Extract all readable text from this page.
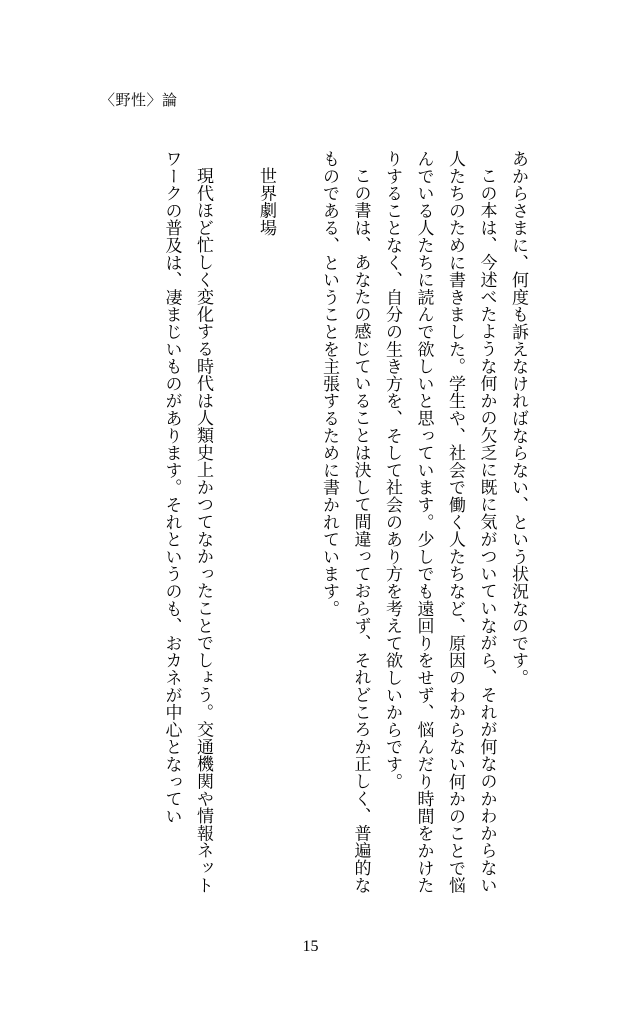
〈野性〉論

あからさまに、何度も訴えなければならない、という状況なのです。

この本は、今述べたような何かの欠乏に既に気がついていながら、それが何なのかわからない人たちのために書きました。学生や、社会で働く人たちなど、原因のわからない何かのことで悩んでいる人たちに読んで欲しいと思っています。少しでも遠回りをせず、悩んだり時間をかけたりすることなく、自分の生き方を、そして社会のあり方を考えて欲しいからです。

この書は、あなたの感じていることは決して間違っておらず、それどころか正しく、普遍的なものである、ということを主張するために書かれています。

世界劇場

現代ほど忙しく変化する時代は人類史上かつてなかったことでしょう。交通機関や情報ネットワークの普及は、凄まじいものがあります。それというのも、おカネが中心となってい

15
